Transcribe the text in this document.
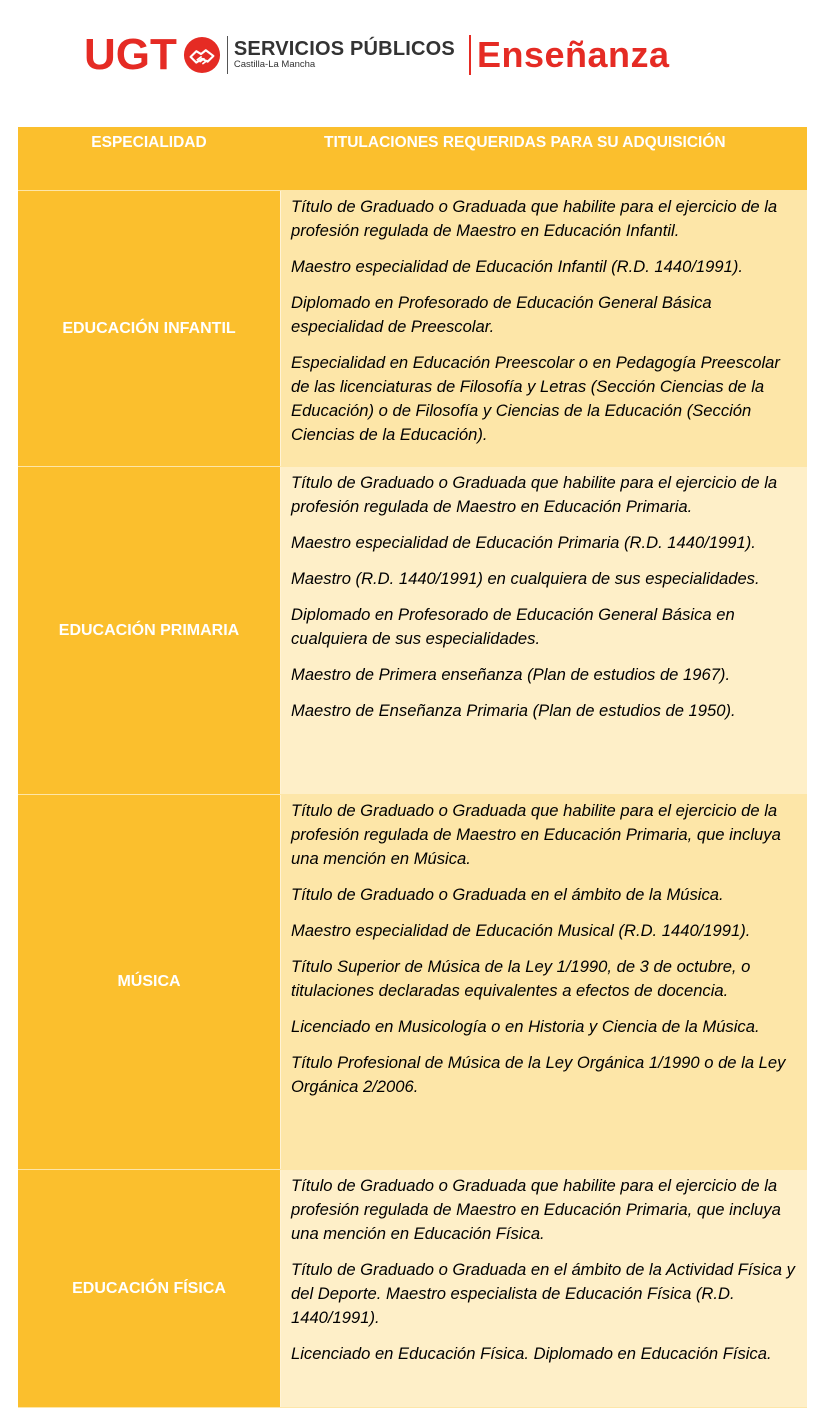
UGT	SERVICIOS PÚBLICOS
Castilla-La Mancha	Enseñanza
ESPECIALIDAD	TITULACIONES REQUERIDAS PARA SU ADQUISICIÓN
EDUCACIÓN INFANTIL

Título de Graduado o Graduada que habilite para el ejercicio de la profesión regulada de Maestro en Educación Infantil.

Maestro especialidad de Educación Infantil (R.D. 1440/1991).

Diplomado en Profesorado de Educación General Básica especialidad de Preescolar.

Especialidad en Educación Preescolar o en Pedagogía Preescolar de las licenciaturas de Filosofía y Letras (Sección Ciencias de la Educación) o de Filosofía y Ciencias de la Educación (Sección Ciencias de la Educación).

EDUCACIÓN PRIMARIA

Título de Graduado o Graduada que habilite para el ejercicio de la profesión regulada de Maestro en Educación Primaria.

Maestro especialidad de Educación Primaria (R.D. 1440/1991).

Maestro (R.D. 1440/1991) en cualquiera de sus especialidades.

Diplomado en Profesorado de Educación General Básica en cualquiera de sus especialidades.

Maestro de Primera enseñanza (Plan de estudios de 1967).

Maestro de Enseñanza Primaria (Plan de estudios de 1950).

MÚSICA

Título de Graduado o Graduada que habilite para el ejercicio de la profesión regulada de Maestro en Educación Primaria, que incluya una mención en Música.

Título de Graduado o Graduada en el ámbito de la Música.

Maestro especialidad de Educación Musical (R.D. 1440/1991).

Título Superior de Música de la Ley 1/1990, de 3 de octubre, o titulaciones declaradas equivalentes a efectos de docencia.

Licenciado en Musicología o en Historia y Ciencia de la Música.

Título Profesional de Música de la Ley Orgánica 1/1990 o de la Ley Orgánica 2/2006.

EDUCACIÓN FÍSICA

Título de Graduado o Graduada que habilite para el ejercicio de la profesión regulada de Maestro en Educación Primaria, que incluya una mención en Educación Física.

Título de Graduado o Graduada en el ámbito de la Actividad Física y del Deporte. Maestro especialista de Educación Física (R.D. 1440/1991).

Licenciado en Educación Física. Diplomado en Educación Física.
